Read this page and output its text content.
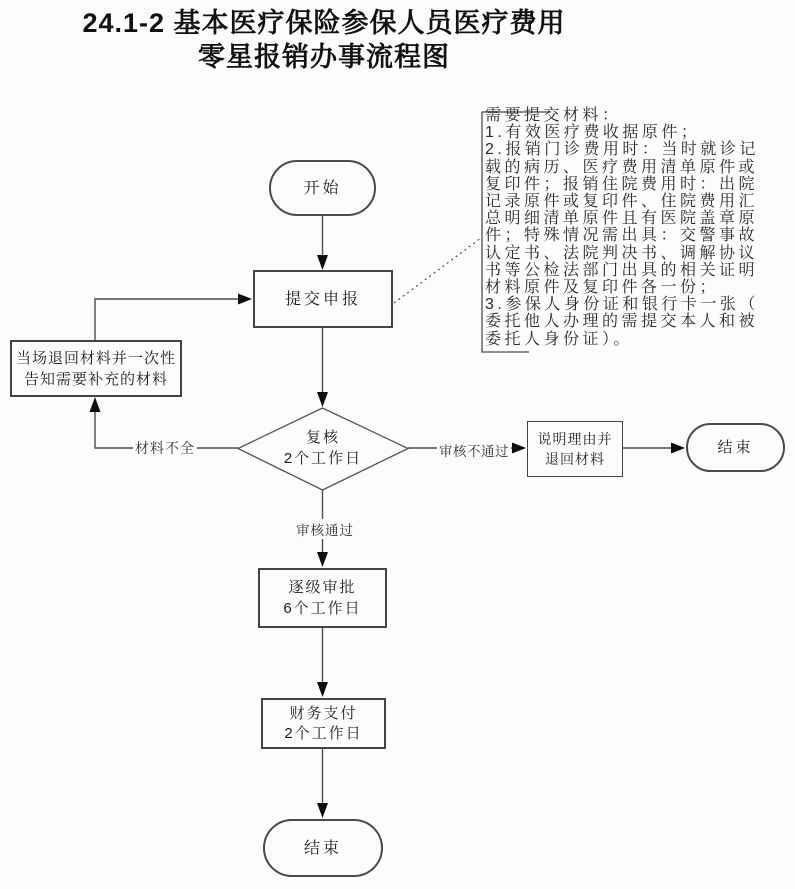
24.1-2 基本医疗保险参保人员医疗费用
零星报销办事流程图
开始
提交申报
当场退回材料并一次性
告知需要补充的材料
复核
2个工作日
说明理由并
退回材料
结束
逐级审批
6个工作日
财务支付
2个工作日
结束
材料不全	审核不通过
审核通过
需要提交材料：
1.有效医疗费收据原件；
2.报销门诊费用时：当时就诊记
载的病历、医疗费用清单原件或
复印件；报销住院费用时：出院
记录原件或复印件、住院费用汇
总明细清单原件且有医院盖章原
件；特殊情况需出具：交警事故
认定书、法院判决书、调解协议
书等公检法部门出具的相关证明
材料原件及复印件各一份；
3.参保人身份证和银行卡一张（
委托他人办理的需提交本人和被
委托人身份证）。
